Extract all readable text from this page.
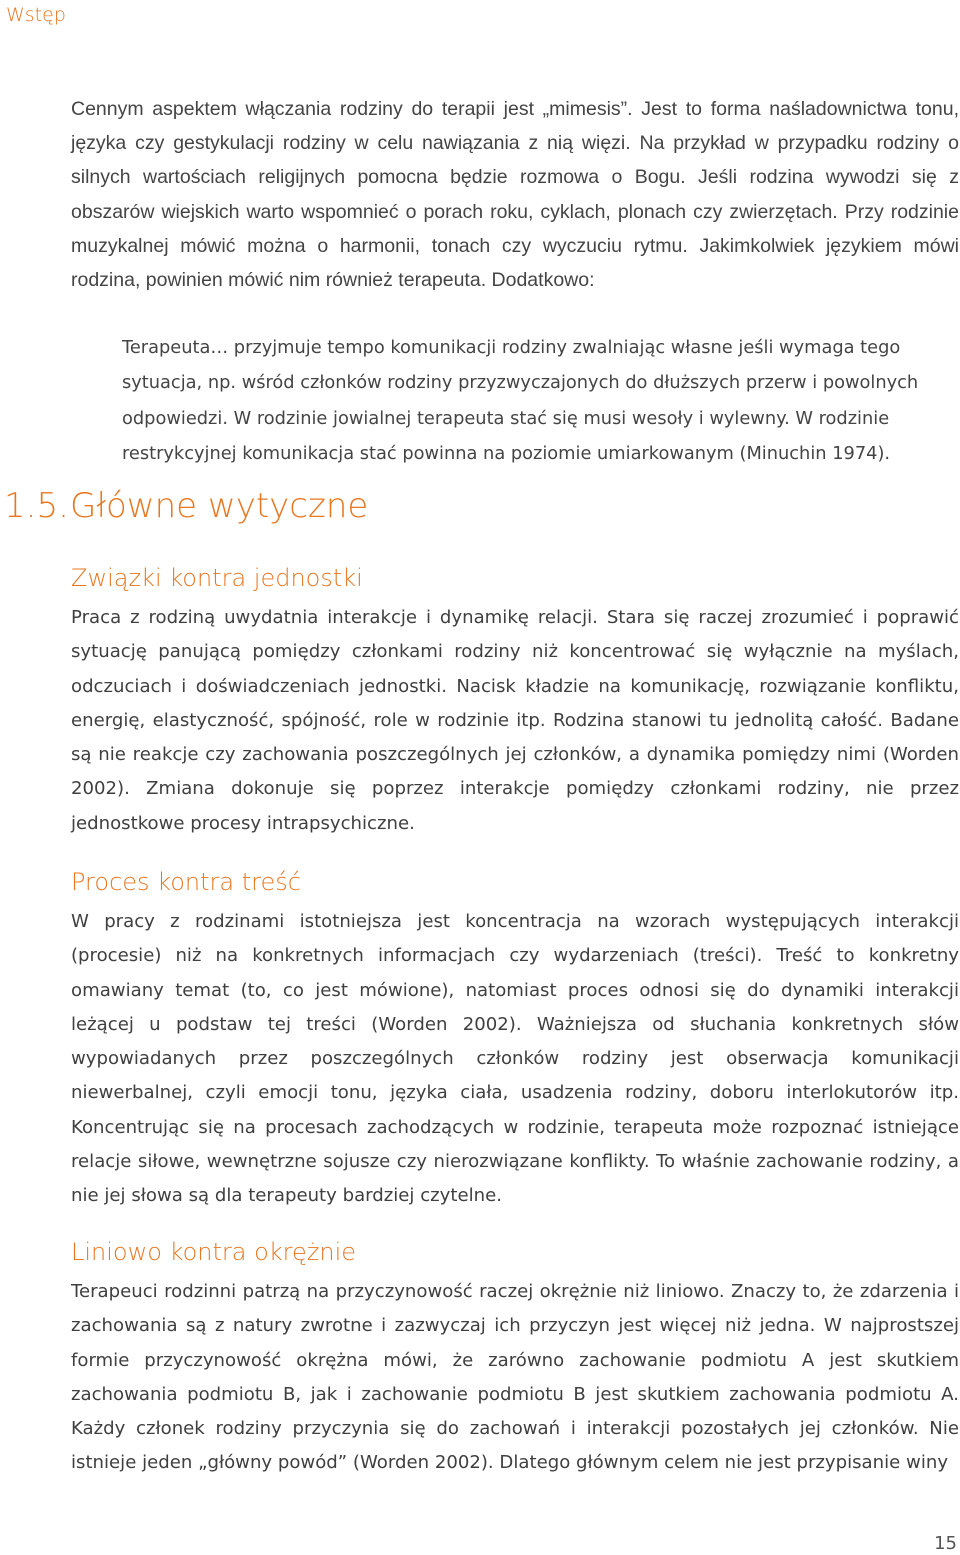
Wstęp

Cennym aspektem włączania rodziny do terapii jest „mimesis”. Jest to forma naśladownictwa tonu, języka czy gestykulacji rodziny w celu nawiązania z nią więzi. Na przykład w przypadku rodziny o silnych wartościach religijnych pomocna będzie rozmowa o Bogu. Jeśli rodzina wywodzi się z obszarów wiejskich warto wspomnieć o porach roku, cyklach, plonach czy zwierzętach. Przy rodzinie muzykalnej mówić można o harmonii, tonach czy wyczuciu rytmu. Jakimkolwiek językiem mówi rodzina, powinien mówić nim również terapeuta. Dodatkowo:

Terapeuta… przyjmuje tempo komunikacji rodziny zwalniając własne jeśli wymaga tego sytuacja, np. wśród członków rodziny przyzwyczajonych do dłuższych przerw i powolnych odpowiedzi. W rodzinie jowialnej terapeuta stać się musi wesoły i wylewny. W rodzinie restrykcyjnej komunikacja stać powinna na poziomie umiarkowanym (Minuchin 1974).

1.5.Główne wytyczne
Związki kontra jednostki

Praca z rodziną uwydatnia interakcje i dynamikę relacji. Stara się raczej zrozumieć i poprawić sytuację panującą pomiędzy członkami rodziny niż koncentrować się wyłącznie na myślach, odczuciach i doświadczeniach jednostki. Nacisk kładzie na komunikację, rozwiązanie konfliktu, energię, elastyczność, spójność, role w rodzinie itp. Rodzina stanowi tu jednolitą całość. Badane są nie reakcje czy zachowania poszczególnych jej członków, a dynamika pomiędzy nimi (Worden 2002). Zmiana dokonuje się poprzez interakcje pomiędzy członkami rodziny, nie przez jednostkowe procesy intrapsychiczne.

Proces kontra treść

W pracy z rodzinami istotniejsza jest koncentracja na wzorach występujących interakcji (procesie) niż na konkretnych informacjach czy wydarzeniach (treści). Treść to konkretny omawiany temat (to, co jest mówione), natomiast proces odnosi się do dynamiki interakcji leżącej u podstaw tej treści (Worden 2002). Ważniejsza od słuchania konkretnych słów wypowiadanych przez poszczególnych członków rodziny jest obserwacja komunikacji niewerbalnej, czyli emocji tonu, języka ciała, usadzenia rodziny, doboru interlokutorów itp. Koncentrując się na procesach zachodzących w rodzinie, terapeuta może rozpoznać istniejące relacje siłowe, wewnętrzne sojusze czy nierozwiązane konflikty. To właśnie zachowanie rodziny, a nie jej słowa są dla terapeuty bardziej czytelne.

Liniowo kontra okrężnie

Terapeuci rodzinni patrzą na przyczynowość raczej okrężnie niż liniowo. Znaczy to, że zdarzenia i zachowania są z natury zwrotne i zazwyczaj ich przyczyn jest więcej niż jedna. W najprostszej formie przyczynowość okrężna mówi, że zarówno zachowanie podmiotu A jest skutkiem zachowania podmiotu B, jak i zachowanie podmiotu B jest skutkiem zachowania podmiotu A. Każdy członek rodziny przyczynia się do zachowań i interakcji pozostałych jej członków. Nie istnieje jeden „główny powód” (Worden 2002). Dlatego głównym celem nie jest przypisanie winy

15
